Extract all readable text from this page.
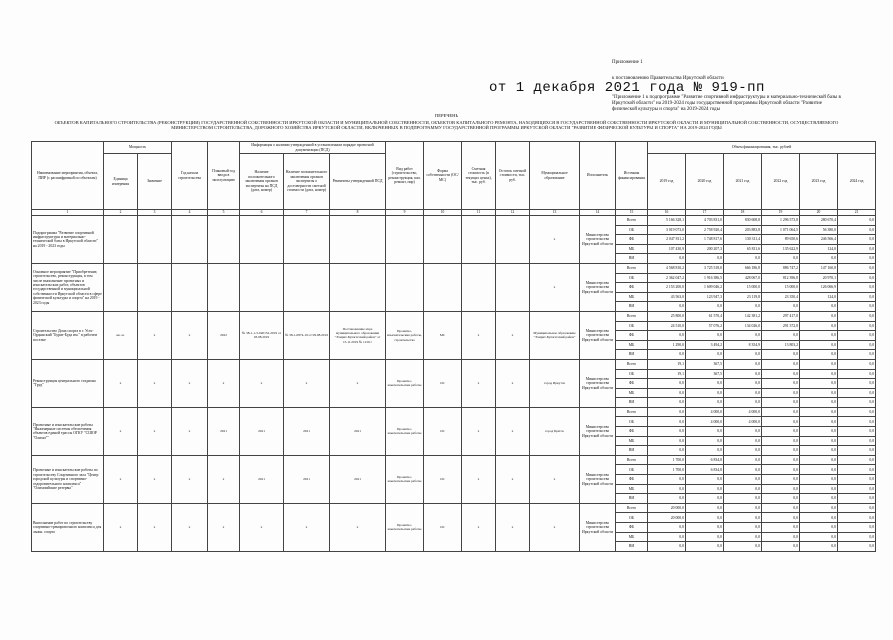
Приложение 1
к постановлению Правительства Иркутской области
от 1 декабря 2021 года № 919-пп
"Приложение 1 к подпрограмме "Развитие спортивной инфраструктуры и материально-технической базы в Иркутской области" на 2019-2024 годы государственной программы Иркутской области "Развитие физической культуры и спорта" на 2019-2024 годы
ПЕРЕЧЕНЬ
ОБЪЕКТОВ КАПИТАЛЬНОГО СТРОИТЕЛЬСТВА (РЕКОНСТРУКЦИИ) ГОСУДАРСТВЕННОЙ СОБСТВЕННОСТИ ИРКУТСКОЙ ОБЛАСТИ И МУНИЦИПАЛЬНОЙ СОБСТВЕННОСТИ, ОБЪЕКТОВ КАПИТАЛЬНОГО РЕМОНТА, НАХОДЯЩИХСЯ В ГОСУДАРСТВЕННОЙ СОБСТВЕННОСТИ ИРКУТСКОЙ ОБЛАСТИ И МУНИЦИПАЛЬНОЙ СОБСТВЕННОСТИ, ОСУЩЕСТВЛЯЕМОГО
МИНИСТЕРСТВОМ СТРОИТЕЛЬСТВА, ДОРОЖНОГО ХОЗЯЙСТВА ИРКУТСКОЙ ОБЛАСТИ, ВКЛЮЧЕННЫХ В ПОДПРОГРАММУ ГОСУДАРСТВЕННОЙ ПРОГРАММЫ ИРКУТСКОЙ ОБЛАСТИ "РАЗВИТИЕ ФИЗИЧЕСКОЙ КУЛЬТУРЫ И СПОРТА" НА 2019-2024 ГОДЫ
Наименование мероприятия, объекта, ПИР (с расшифровкой по объектам)	Мощность		Год начала строительства	Плановый год ввода в эксплуатацию	Информация о наличии утвержденной в установленном порядке проектной документации (ПСД)			Вид работ (строительство, реконструкция, кап. ремонт, пир)	Форма собственности (ОС/МС)	Сметная стоимость (в текущих ценах), тыс. руб.	Остаток сметной стоимости, тыс. руб.	Муниципальное образование	Исполнитель	Источник финансирования	Объем финансирования, тыс. рублей					
	Единица измерения	Значение			Наличие положительного заключения органов экспертизы на ПСД (дата, номер)	Наличие положительного заключения органов экспертизы о достоверности сметной стоимости (дата, номер)	Реквизиты утвержденной ПСД								2019 год	2020 год	2021 год	2022 год	2023 год	2024 год
1	2	3	4	5	6	7	8	9	10	11	12	13	14	15	16	17	18	19	20	21
Подпрограмма "Развитие спортивной инфраструктуры и материально-технической базы в Иркутской области" на 2019 - 2023 годы												x	Министерство строительства Иркутской области	Всего	5 166 328,1	4 703 831,0	830 608,8	1 296 573,8	280 670,4	0,0
														ОБ	3 019 073,0	2 758 920,4	203 883,8	1 071 064,5	56 380,0	0,0
														ФБ	2 047 811,2	1 748 817,6	130 311,4	89 650,6	246 566,4	0,0
														МБ	107 430,9	200 207,3	65 811,6	135 622,9	124,0	0,0
														ВИ	0,0	0,0	0,0	0,0	0,0	0,0
Основное мероприятие "Приобретение, строительство, реконструкция, в том числе выполнение проектных и изыскательских работ, объектов государственной и муниципальной собственности Иркутской области в сфере физической культуры и спорта" на 2019 - 2023 годы												x	Министерство строительства Иркутской области	Всего	4 568 810,2	3 725 518,0	666 186,8	886 747,2	147 160,8	0,0
														ОБ	2 362 047,2	1 916 386,5	428 067,0	812 396,8	20 970,1	0,0
														ФБ	2 153 200,0	1 609 046,2	15 000,0	15 000,0	126 066,9	0,0
														МБ	43 563,0	123 947,3	23 119,8	23 350,4	124,0	0,0
														ВИ	0,0	0,0	0,0	0,0	0,0	0,0
Строительство Дома спорта в г. Усть-Ордынский "Бурят-Буда им." в рабочем поселке	кв. м.	x	x	2022	№ 38-1-1-3-020152-2019 от 03.08.2019	№ 38-1-0874-19 от 09.08.2019	Постановление мэра муниципального образования "Эхирит-Булагатский район" от 15.11.2019 № 1216 г	Проектно-изыскательские работы, строительство	МС	x	x	Муниципальное образование "Эхирит-Булагатский район"	Министерство строительства Иркутской области	Всего	25 800,0	61 570,4	142 381,2	297 417,0	0,0	0,0
														ОБ	24 510,0	57 076,2	134 026,0	291 372,8	0,0	0,0
														ФБ	0,0	0,0	0,0	0,0	0,0	0,0
														МБ	1 290,0	3 494,2	8 354,9	13 803,2	0,0	0,0
														ВИ	0,0	0,0	0,0	0,0	0,0	0,0
Реконструкция центрального стадиона "Труд"	x	x	x	x	x	x	x	Проектно-изыскательские работы	ОС	x	x	город Иркутск	Министерство строительства Иркутской области	Всего	19,1	367,5	0,0	0,0	0,0	0,0
														ОБ	19,1	367,5	0,0	0,0	0,0	0,0
														ФБ	0,0	0,0	0,0	0,0	0,0	0,0
														МБ	0,0	0,0	0,0	0,0	0,0	0,0
														ВИ	0,0	0,0	0,0	0,0	0,0	0,0
Проектные и изыскательские работы "Инженерные системы обеспечения объектов единой трассы ОГКУ "СШОР "Олимп""	x	x	x	2021	2021	2021	2021	Проектно-изыскательские работы	ОС	x	x	город Братск	Министерство строительства Иркутской области	Всего	0,0	4 000,0	4 000,0	0,0	0,0	0,0
														ОБ	0,0	4 000,0	4 000,0	0,0	0,0	0,0
														ФБ	0,0	0,0	0,0	0,0	0,0	0,0
														МБ	0,0	0,0	0,0	0,0	0,0	0,0
														ВИ	0,0	0,0	0,0	0,0	0,0	0,0
Проектные и изыскательские работы по строительству Спортивного зала "Центр городской культуры и спортивно-оздоровительного комплекса" "Олимпийские резервы"	x	x	x	x	2021	2021	2021	Проектно-изыскательские работы	ОС	x	x	x	Министерство строительства Иркутской области	Всего	1 700,0	6 834,8	0,0	0,0	0,0	0,0
														ОБ	1 700,0	6 834,8	0,0	0,0	0,0	0,0
														ФБ	0,0	0,0	0,0	0,0	0,0	0,0
														МБ	0,0	0,0	0,0	0,0	0,0	0,0
														ВИ	0,0	0,0	0,0	0,0	0,0	0,0
Выполнение работ по строительству спортивно-тренировочного комплекса для лыжн. спорта	x	x	x	x	x	x	x	Проектно-изыскательские работы	ОС	x	x	x	Министерство строительства Иркутской области	Всего	20 000,0	0,0	0,0	0,0	0,0	0,0
														ОБ	20 000,0	0,0	0,0	0,0	0,0	0,0
														ФБ	0,0	0,0	0,0	0,0	0,0	0,0
														МБ	0,0	0,0	0,0	0,0	0,0	0,0
														ВИ	0,0	0,0	0,0	0,0	0,0	0,0
